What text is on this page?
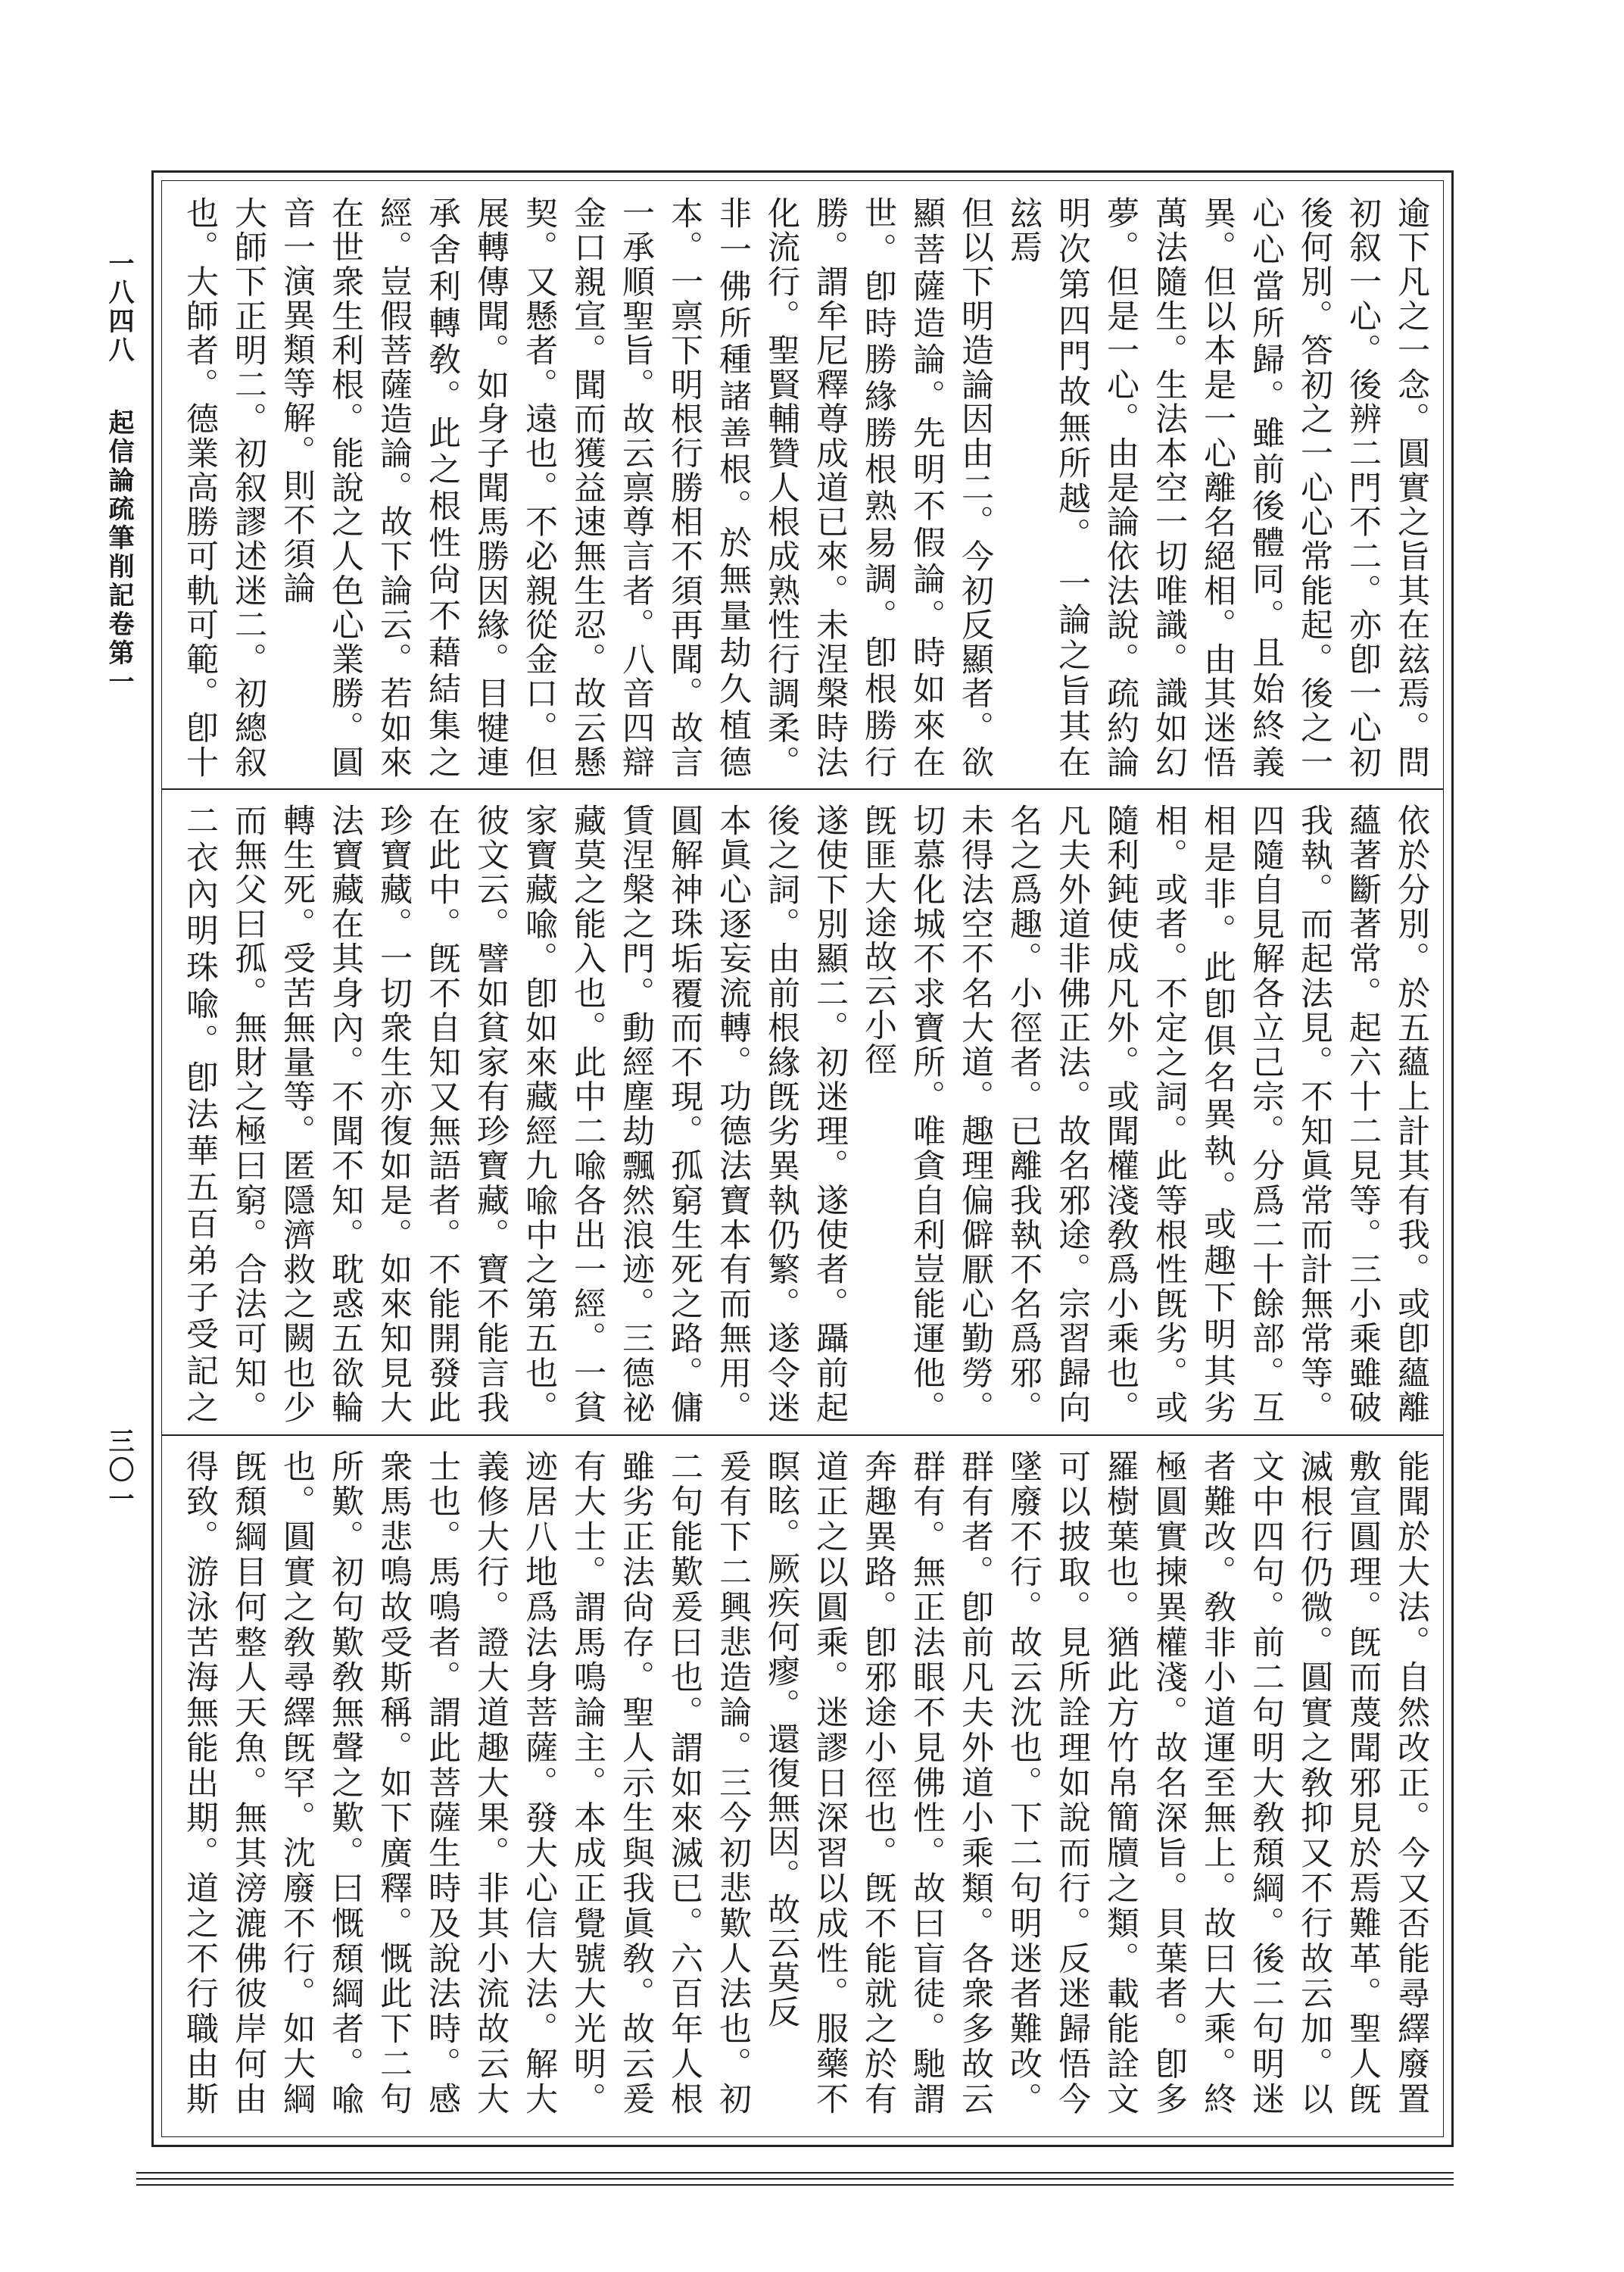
一八四八
起信論疏筆削記卷第一
三〇一

逾下凡之一念。圓實之旨其在玆焉。問初叙一心。後辨二門不二。亦卽一心初後何別。答初之一心心常能起。後之一心心當所歸。雖前後體同。且始終義異。但以本是一心離名絕相。由其迷悟萬法隨生。生法本空一切唯識。識如幻夢。但是一心。由是論依法說。疏約論明次第四門故無所越。 一論之旨其在玆焉
但以下明造論因由二。今初反顯者。欲顯菩薩造論。先明不假論。時如來在世。卽時勝緣勝根熟易調。卽根勝行勝。謂牟尼釋尊成道已來。未涅槃時法化流行。聖賢輔贊人根成熟性行調柔。非一佛所種諸善根。於無量劫久植德本。一禀下明根行勝相不須再聞。故言一承順聖旨。故云禀尊言者。八音四辯金口親宣。聞而獲益速無生忍。故云懸契。又懸者。遠也。不必親從金口。但展轉傳聞。如身子聞馬勝因緣。目犍連承舍利轉敎。此之根性尙不藉結集之經。豈假菩薩造論。故下論云。若如來在世衆生利根。能說之人色心業勝。圓音一演異類等解。則不須論
大師下正明二。初叙謬述迷二。初總叙也。大師者。德業高勝可軌可範。卽十

依於分別。於五蘊上計其有我。或卽蘊離蘊著斷著常。起六十二見等。三小乘雖破我執。而起法見。不知眞常而計無常等。四隨自見解各立己宗。分爲二十餘部。互相是非。此卽俱名異執。或趣下明其劣相。或者。不定之詞。此等根性旣劣。或隨利鈍使成凡外。或聞權淺敎爲小乘也。凡夫外道非佛正法。故名邪途。宗習歸向名之爲趣。小徑者。已離我執不名爲邪。未得法空不名大道。趣理偏僻厭心勤勞。切慕化城不求寶所。唯貪自利豈能運他。旣匪大途故云小徑
遂使下別顯二。初迷理。遂使者。躡前起後之詞。由前根緣旣劣異執仍繁。遂令迷本眞心逐妄流轉。功德法寶本有而無用。圓解神珠垢覆而不現。孤窮生死之路。傭賃涅槃之門。動經塵劫飄然浪迹。三德祕藏莫之能入也。此中二喩各出一經。一貧家寶藏喩。卽如來藏經九喩中之第五也。彼文云。譬如貧家有珍寶藏。寶不能言我在此中。旣不自知又無語者。不能開發此珍寶藏。一切衆生亦復如是。如來知見大法寶藏在其身內。不聞不知。耽惑五欲輪轉生死。受苦無量等。匿隱濟救之闕也少而無父曰孤。無財之極曰窮。合法可知。二衣內明珠喩。卽法華五百弟子受記之

能聞於大法。自然改正。今又否能尋繹廢置敷宣圓理。旣而蔑聞邪見於焉難革。聖人旣滅根行仍微。圓實之敎抑又不行故云加。以文中四句。前二句明大敎頹綱。後二句明迷者難改。敎非小道運至無上。故曰大乘。終極圓實揀異權淺。故名深旨。貝葉者。卽多羅樹葉也。猶此方竹帛簡牘之類。載能詮文可以披取。見所詮理如說而行。反迷歸悟今墜廢不行。故云沈也。下二句明迷者難改。群有者。卽前凡夫外道小乘類。各衆多故云群有。無正法眼不見佛性。故曰盲徒。馳謂奔趣異路。卽邪途小徑也。旣不能就之於有道正之以圓乘。迷謬日深習以成性。服藥不瞑眩。厥疾何瘳。還復無因。故云莫反
爰有下二興悲造論。三今初悲歎人法也。初二句能歎爰曰也。謂如來滅已。六百年人根雖劣正法尙存。聖人示生與我眞敎。故云爰有大士。謂馬鳴論主。本成正覺號大光明。迹居八地爲法身菩薩。發大心信大法。解大義修大行。證大道趣大果。非其小流故云大士也。馬鳴者。謂此菩薩生時及說法時。感衆馬悲鳴故受斯稱。如下廣釋。慨此下二句所歎。初句歎敎無聲之歎。曰慨頹綱者。喩也。圓實之敎尋繹旣罕。沈廢不行。如大綱旣頹綱目何整人天魚。無其滂漉佛彼岸何由得致。游泳苦海無能出期。道之不行職由斯
